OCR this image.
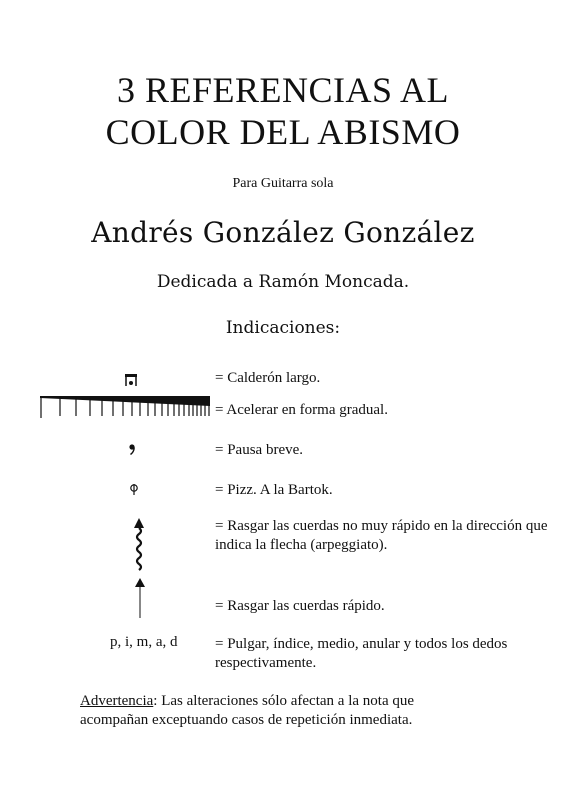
3 REFERENCIAS AL
COLOR DEL ABISMO
Para Guitarra sola
Andrés González González
Dedicada a Ramón Moncada.
Indicaciones:
= Calderón largo.
= Acelerar en forma gradual.
= Pausa breve.
= Pizz. A la Bartok.
= Rasgar las cuerdas no muy rápido en la dirección que indica la flecha (arpeggiato).
= Rasgar las cuerdas rápido.
p, i, m, a, d	= Pulgar, índice, medio, anular y todos los dedos respectivamente.
Advertencia: Las alteraciones sólo afectan a la nota que acompañan exceptuando casos de repetición inmediata.
